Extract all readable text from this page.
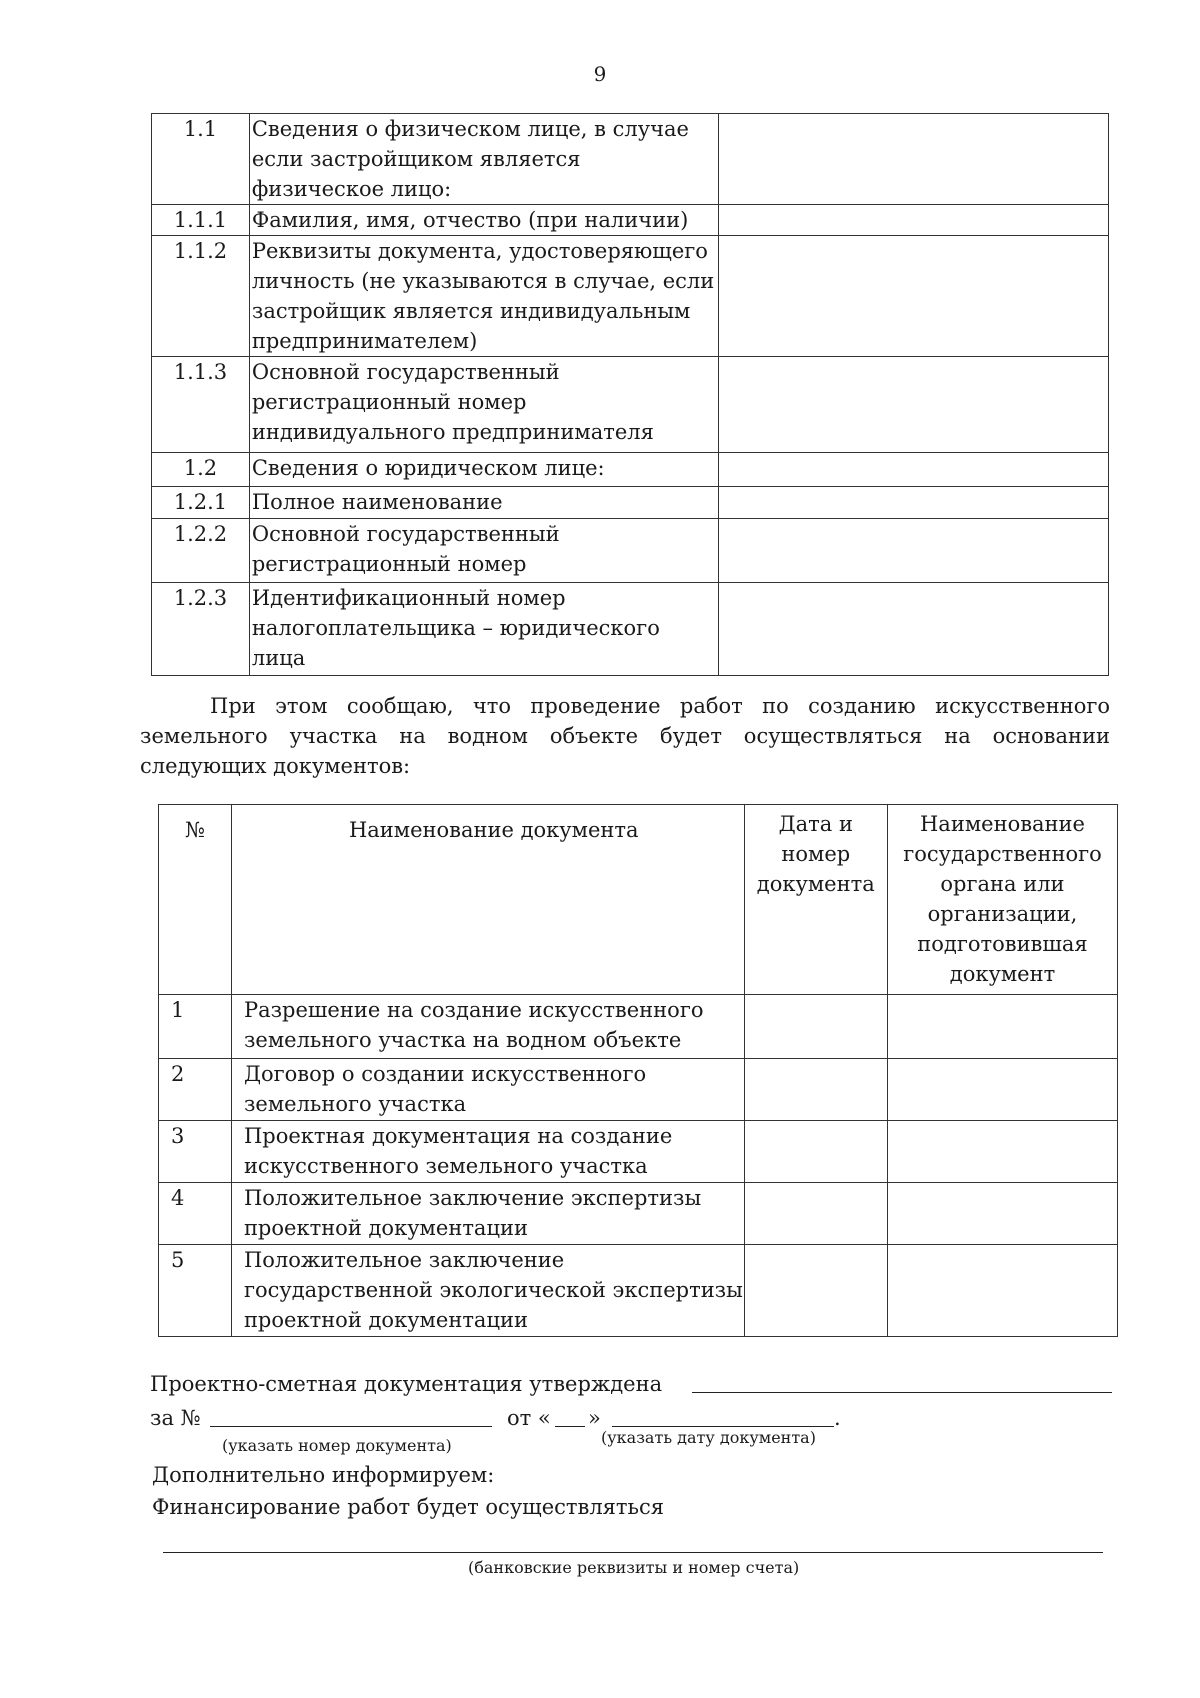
9
1.1	Сведения о физическом лице, в случае если застройщиком является физическое лицо:	
1.1.1	Фамилия, имя, отчество (при наличии)	
1.1.2	Реквизиты документа, удостоверяющего личность (не указываются в случае, если застройщик является индивидуальным предпринимателем)	
1.1.3	Основной государственный регистрационный номер индивидуального предпринимателя	
1.2	Сведения о юридическом лице:	
1.2.1	Полное наименование	
1.2.2	Основной государственный регистрационный номер	
1.2.3	Идентификационный номер налогоплательщика – юридического лица	
При этом сообщаю, что проведение работ по созданию искусственного земельного участка на водном объекте будет осуществляться на основании следующих документов:
№	Наименование документа	Дата и номер документа	Наименование государственного органа или организации, подготовившая документ
1	Разрешение на создание искусственного земельного участка на водном объекте		
2	Договор о создании искусственного земельного участка		
3	Проектная документация на создание искусственного земельного участка		
4	Положительное заключение экспертизы проектной документации		
5	Положительное заключение государственной экологической экспертизы проектной документации		
Проектно-сметная документация утверждена
за №	от « »	.
(указать номер документа)	(указать дату документа)
Дополнительно информируем:
Финансирование работ будет осуществляться
(банковские реквизиты и номер счета)
